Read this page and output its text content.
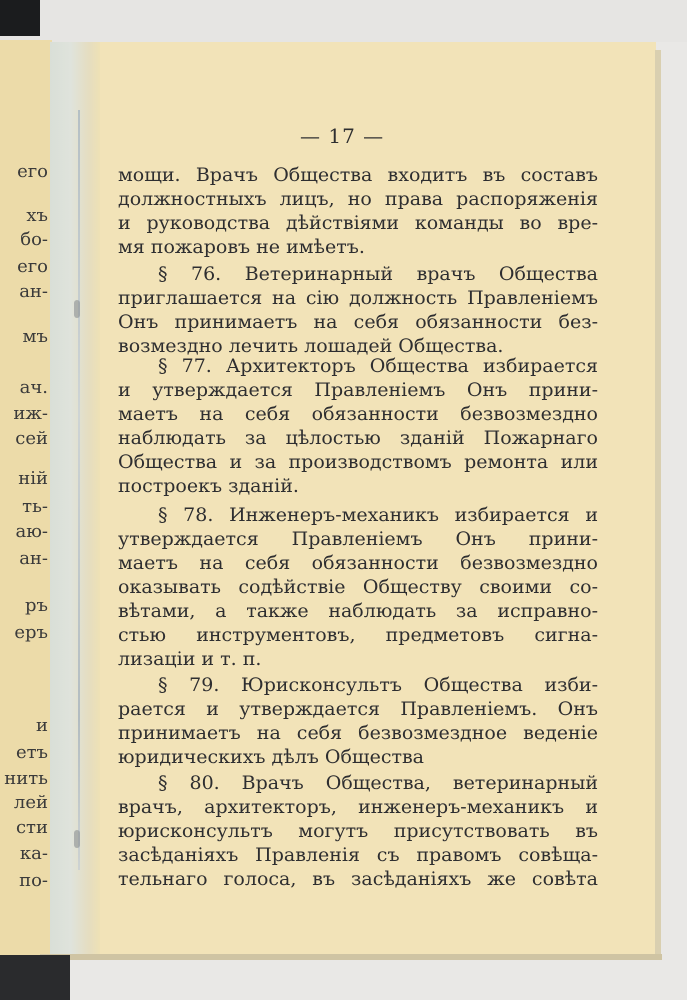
его
хъ
бо-
его
ан-
мъ
ач.
иж-
сей
ній
ть-
аю-
ан-
ръ
еръ
и
етъ
нить
лей
сти
ка-
по-
— 17 —
мощи. Врачъ Общества входитъ въ составъ
должностныхъ лицъ, но права распоряженія
и руководства дѣйствіями команды во вре-
мя пожаровъ не имѣетъ.
§ 76. Ветеринарный врачъ Общества
приглашается на сію должность Правленіемъ
Онъ принимаетъ на себя обязанности без-
возмездно лечить лошадей Общества.
§ 77. Архитекторъ Общества избирается
и утверждается Правленіемъ Онъ прини-
маетъ на себя обязанности безвозмездно
наблюдать за цѣлостью зданій Пожарнаго
Общества и за производствомъ ремонта или
построекъ зданій.
§ 78. Инженеръ-механикъ избирается и
утверждается Правленіемъ Онъ прини-
маетъ на себя обязанности безвозмездно
оказывать содѣйствіе Обществу своими со-
вѣтами, а также наблюдать за исправно-
стью инструментовъ, предметовъ сигна-
лизаціи и т. п.
§ 79. Юрисконсультъ Общества изби-
рается и утверждается Правленіемъ. Онъ
принимаетъ на себя безвозмездное веденіе
юридическихъ дѣлъ Общества
§ 80. Врачъ Общества, ветеринарный
врачъ, архитекторъ, инженеръ-механикъ и
юрисконсультъ могутъ присутствовать въ
засѣданіяхъ Правленія съ правомъ совѣща-
тельнаго голоса, въ засѣданіяхъ же совѣта
